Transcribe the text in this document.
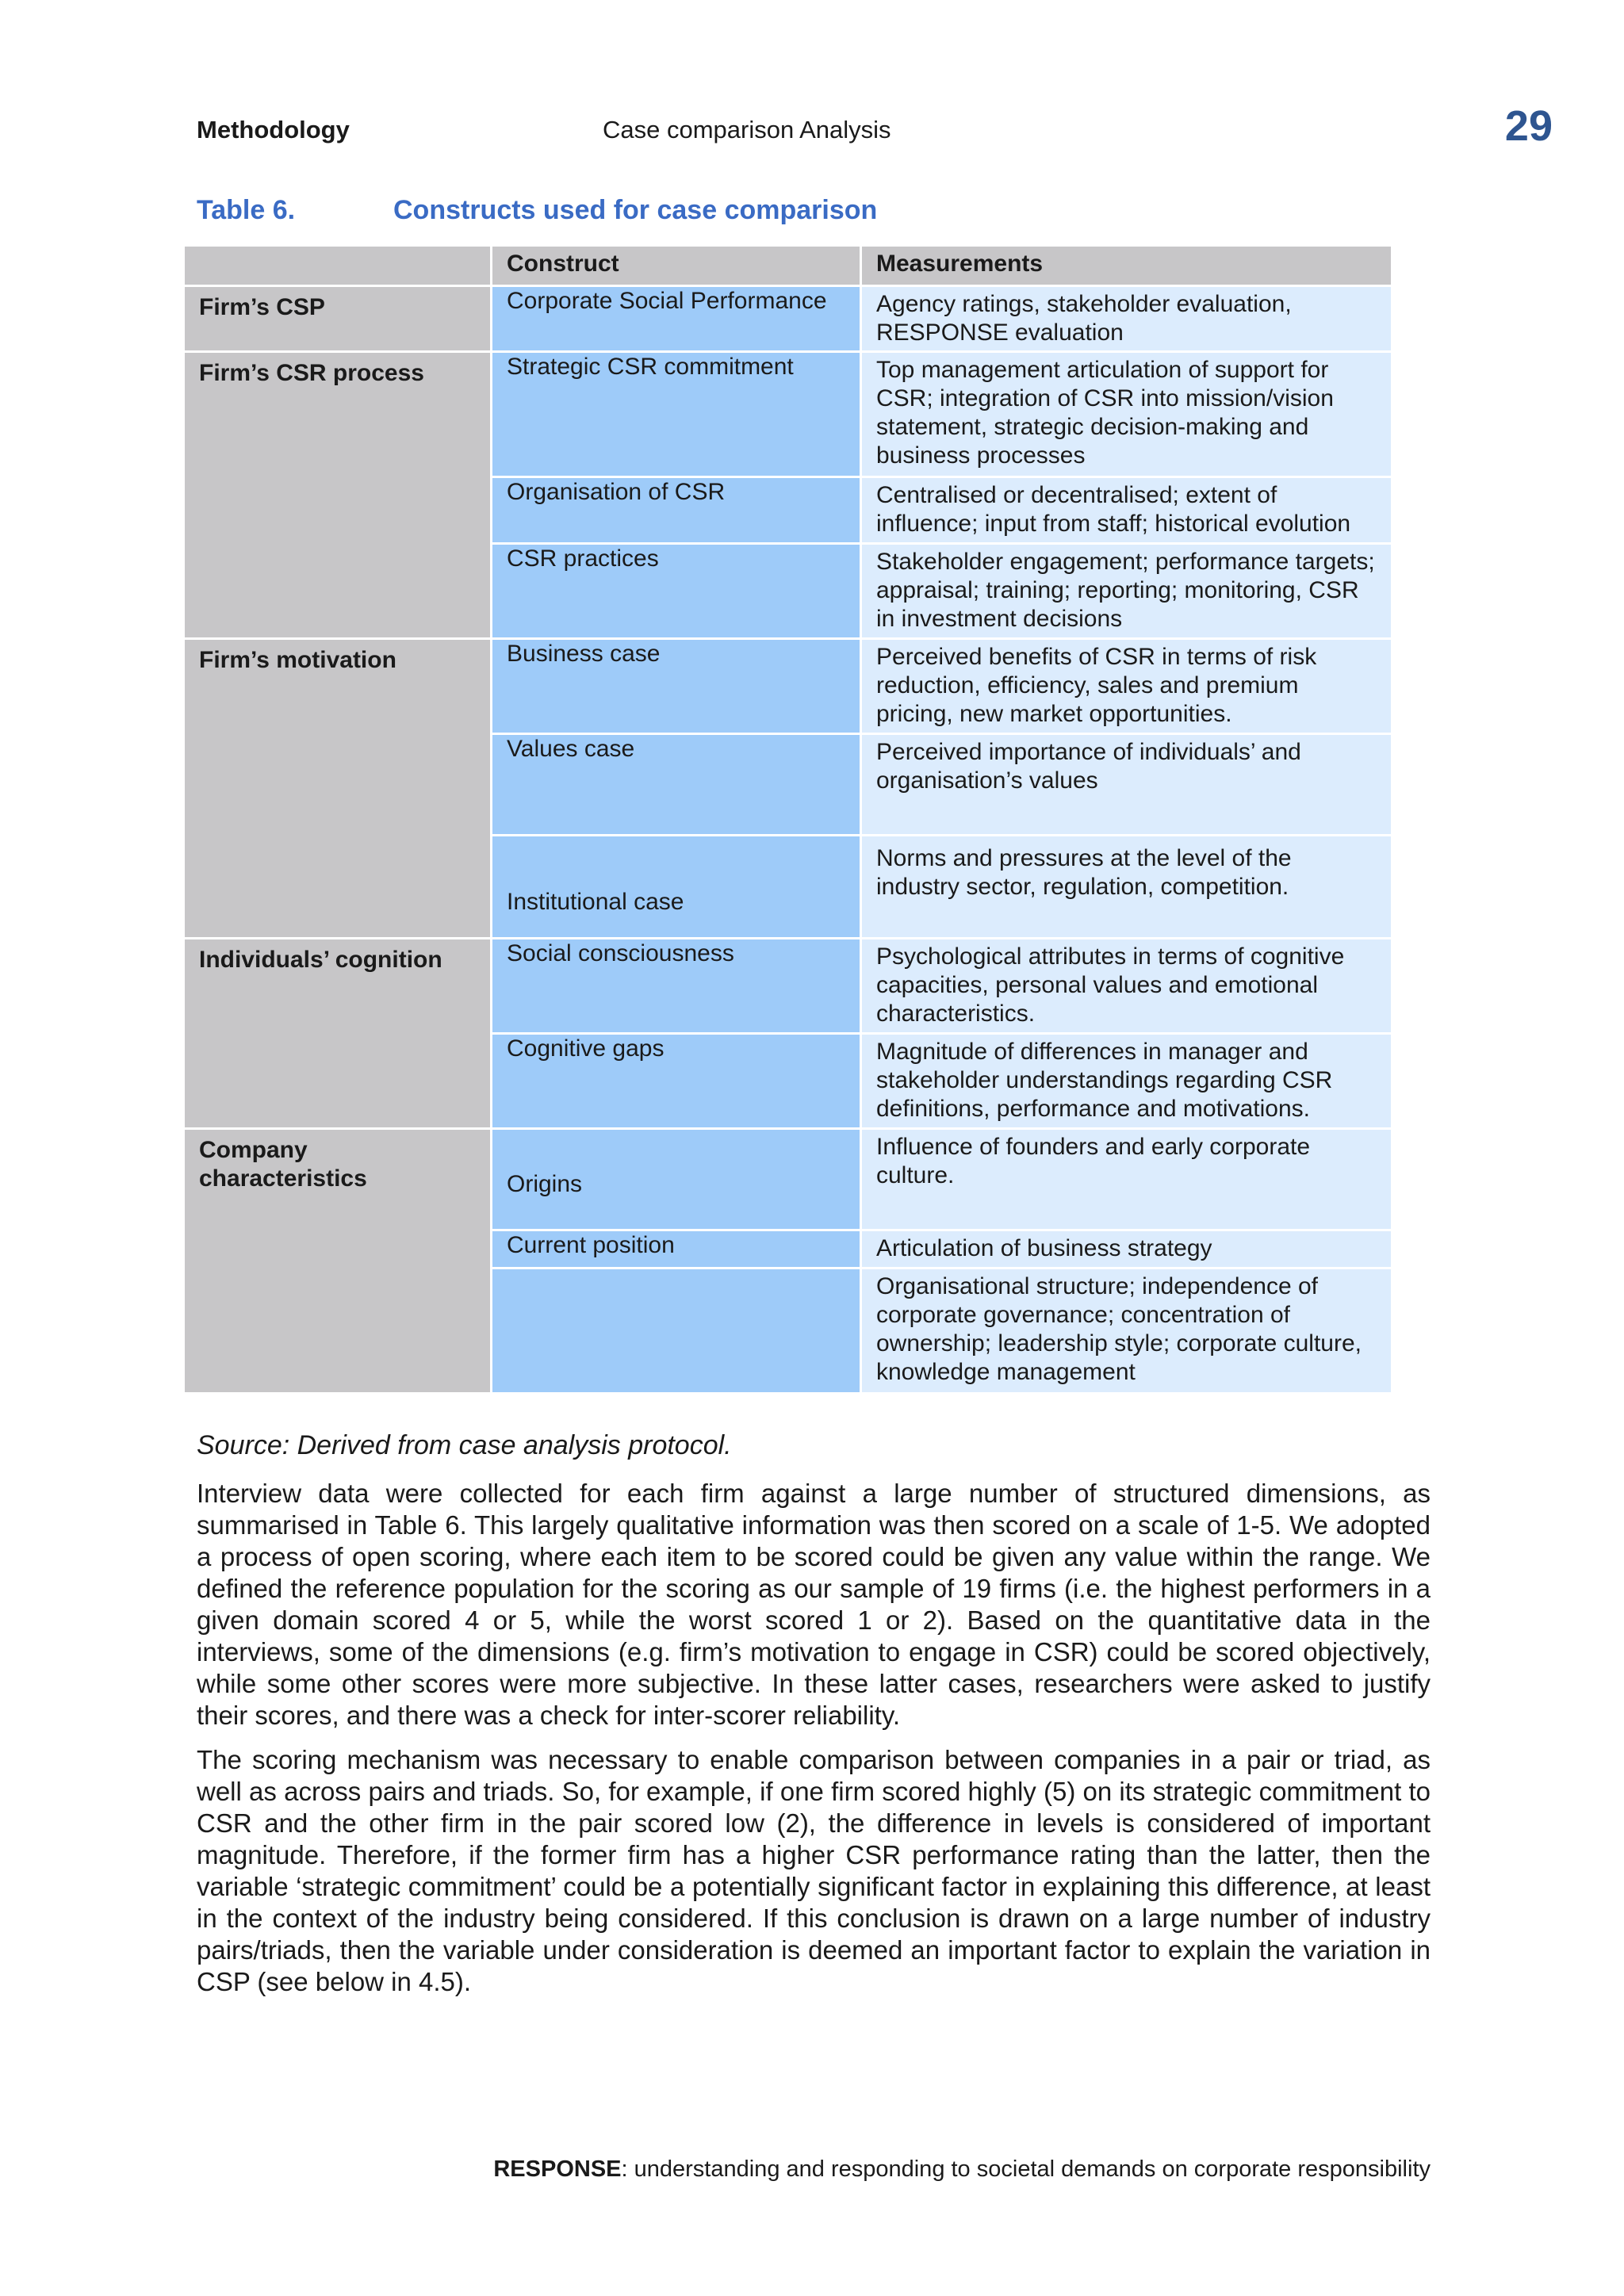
Methodology	Case comparison Analysis	29
Table 6.	Constructs used for case comparison
	Construct	Measurements
Firm’s CSP	Corporate Social Performance	Agency ratings, stakeholder evaluation, RESPONSE evaluation
Firm’s CSR process	Strategic CSR commitment	Top management articulation of support for CSR; integration of CSR into mission/vision statement, strategic decision-making and business processes
	Organisation of CSR	Centralised or decentralised; extent of influence; input from staff; historical evolution
	CSR practices	Stakeholder engagement; performance targets; appraisal; training; reporting; monitoring, CSR in investment decisions
Firm’s motivation	Business case	Perceived benefits of CSR in terms of risk reduction, efficiency, sales and premium pricing, new market opportunities.
	Values case	Perceived importance of individuals’ and organisation’s values
	Institutional case	Norms and pressures at the level of the industry sector, regulation, competition.
Individuals’ cognition	Social consciousness	Psychological attributes in terms of cognitive capacities, personal values and emotional characteristics.
	Cognitive gaps	Magnitude of differences in manager and stakeholder understandings regarding CSR definitions, performance and motivations.
Company characteristics	Origins	Influence of founders and early corporate culture.
	Current position	Articulation of business strategy
		Organisational structure; independence of corporate governance; concentration of ownership; leadership style; corporate culture, knowledge management
Source: Derived from case analysis protocol.

Interview data were collected for each firm against a large number of structured dimensions, as summarised in Table 6. This largely qualitative information was then scored on a scale of 1-5. We adopted a process of open scoring, where each item to be scored could be given any value within the range. We defined the reference population for the scoring as our sample of 19 firms (i.e. the highest performers in a given domain scored 4 or 5, while the worst scored 1 or 2). Based on the quantitative data in the interviews, some of the dimensions (e.g. firm’s motivation to engage in CSR) could be scored objectively, while some other scores were more subjective. In these latter cases, researchers were asked to justify their scores, and there was a check for inter-scorer reliability.

The scoring mechanism was necessary to enable comparison between companies in a pair or triad, as well as across pairs and triads. So, for example, if one firm scored highly (5) on its strategic commitment to CSR and the other firm in the pair scored low (2), the difference in levels is considered of important magnitude. Therefore, if the former firm has a higher CSR performance rating than the latter, then the variable ‘strategic commitment’ could be a potentially significant factor in explaining this difference, at least in the context of the industry being considered. If this conclusion is drawn on a large number of industry pairs/triads, then the variable under consideration is deemed an important factor to explain the variation in CSP (see below in 4.5).

RESPONSE: understanding and responding to societal demands on corporate responsibility
